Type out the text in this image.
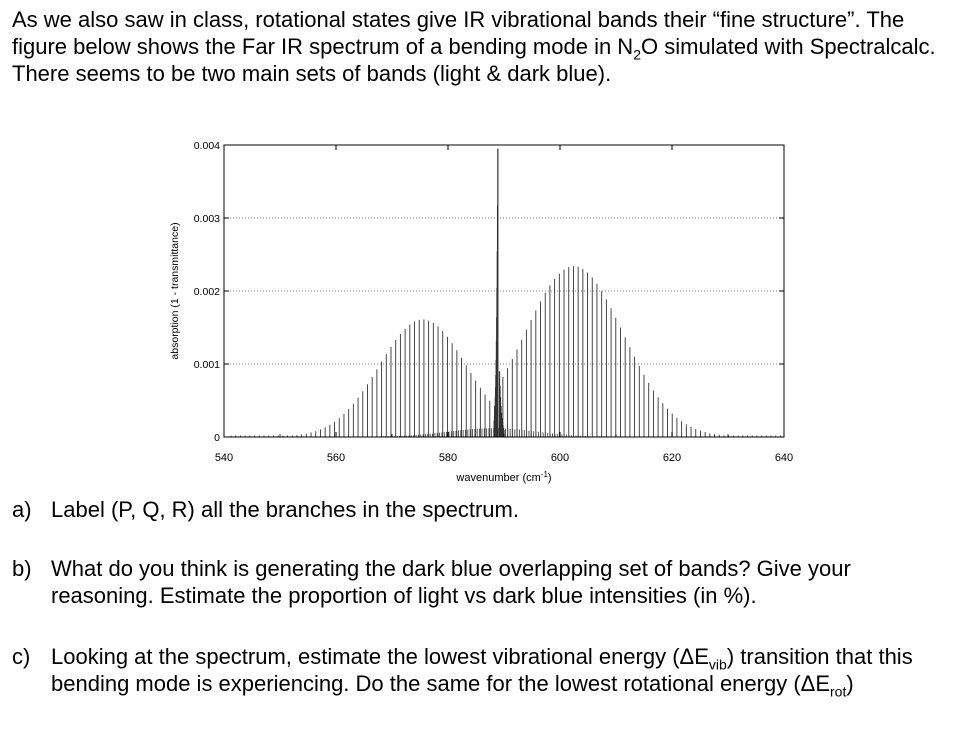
As we also saw in class, rotational states give IR vibrational bands their “fine structure”. The figure below shows the Far IR spectrum of a bending mode in $N_2O$ simulated with Spectralcalc. There seems to be two main sets of bands (light & dark blue).

540	560	580	600	620	640
0
0.001
0.002
0.003
0.004
wavenumber $(cm^{-1})$
absorption (1 - transmittance)
a) Label (P, Q, R) all the branches in the spectrum.
b) What do you think is generating the dark blue overlapping set of bands? Give your reasoning. Estimate the proportion of light vs dark blue intensities (in %).
c) Looking at the spectrum, estimate the lowest vibrational energy $(\Delta E_{vib})$ transition that this bending mode is experiencing. Do the same for the lowest rotational energy $(\Delta E_{rot})$
